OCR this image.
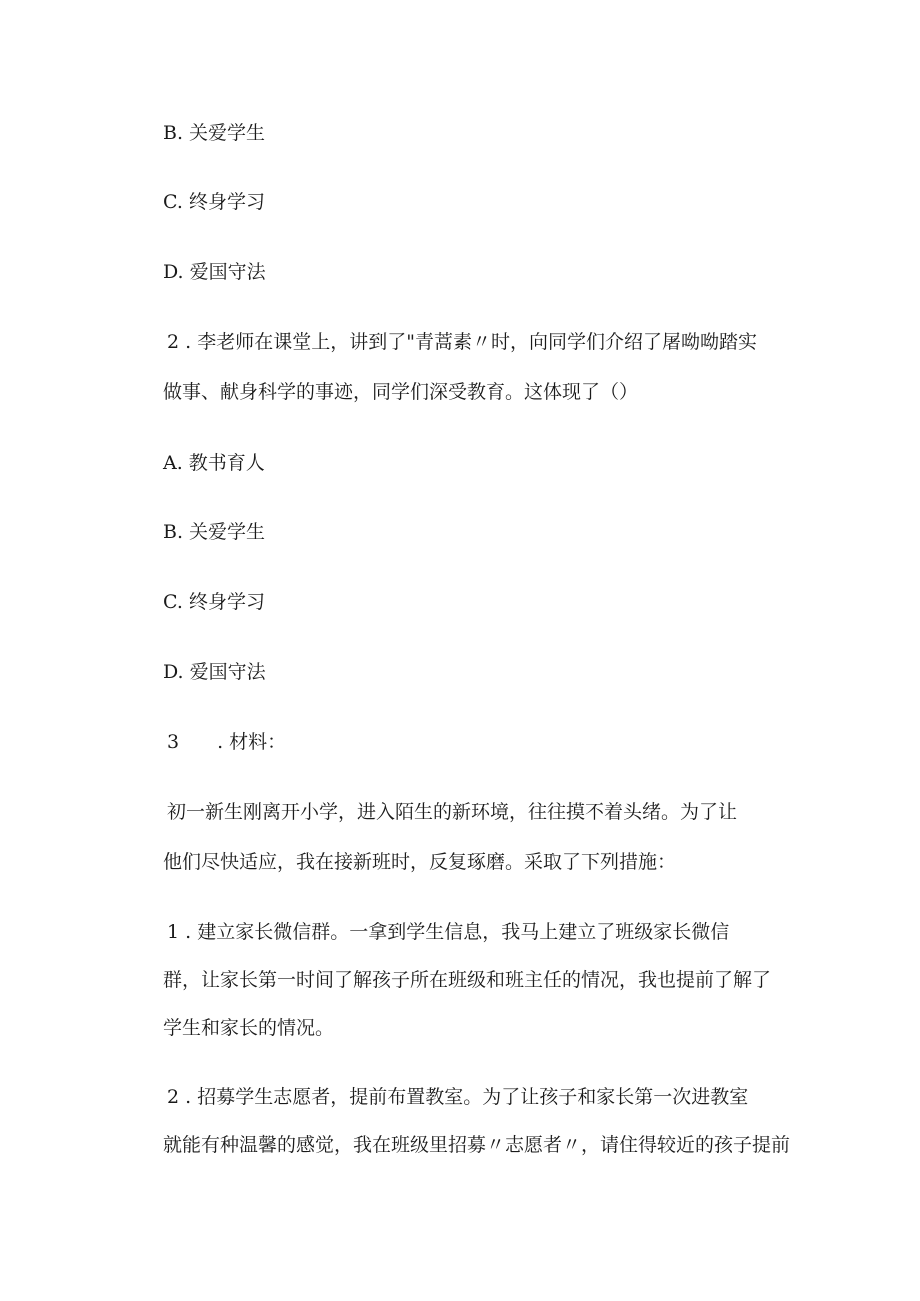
B. 关爱学生
C. 终身学习
D. 爱国守法
2 . 李老师在课堂上，讲到了"青蒿素〃时，向同学们介绍了屠呦呦踏实
做事、献身科学的事迹，同学们深受教育。这体现了（）
A. 教书育人
B. 关爱学生
C. 终身学习
D. 爱国守法
3　　. 材料：
初一新生刚离开小学，进入陌生的新环境，往往摸不着头绪。为了让
他们尽快适应，我在接新班时，反复琢磨。采取了下列措施：
1 . 建立家长微信群。一拿到学生信息，我马上建立了班级家长微信
群，让家长第一时间了解孩子所在班级和班主任的情况，我也提前了解了
学生和家长的情况。
2 . 招募学生志愿者，提前布置教室。为了让孩子和家长第一次进教室
就能有种温馨的感觉，我在班级里招募〃志愿者〃，请住得较近的孩子提前
